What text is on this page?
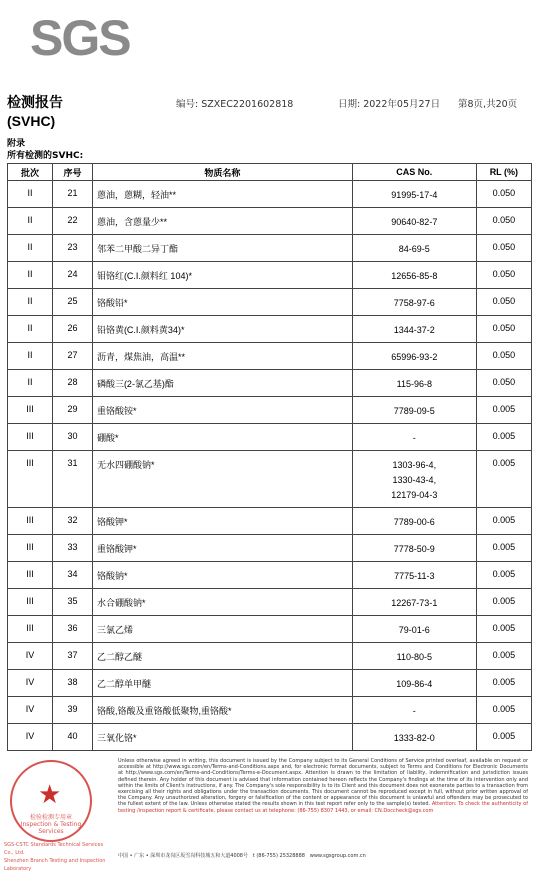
SGS
检测报告
(SVHC)
编号: SZXEC2201602818	日期: 2022年05月27日 第8页,共20页
附录
所有检测的SVHC:
批次	序号	物质名称	CAS No.	RL (%)
II	21	蒽油，蒽糊，轻油**	91995-17-4	0.050
II	22	蒽油，含蒽量少**	90640-82-7	0.050
II	23	邻苯二甲酸二异丁酯	84-69-5	0.050
II	24	钼铬红(C.I.颜料红 104)*	12656-85-8	0.050
II	25	铬酸铅*	7758-97-6	0.050
II	26	铅铬黄(C.I.颜料黄34)*	1344-37-2	0.050
II	27	沥青，煤焦油，高温**	65996-93-2	0.050
II	28	磷酸三(2-氯乙基)酯	115-96-8	0.050
III	29	重铬酸铵*	7789-09-5	0.005
III	30	硼酸*	-	0.005
III	31	无水四硼酸钠*	1303-96-4,
1330-43-4,
12179-04-3	0.005
III	32	铬酸钾*	7789-00-6	0.005
III	33	重铬酸钾*	7778-50-9	0.005
III	34	铬酸钠*	7775-11-3	0.005
III	35	水合硼酸钠*	12267-73-1	0.005
III	36	三氯乙烯	79-01-6	0.005
IV	37	乙二醇乙醚	110-80-5	0.005
IV	38	乙二醇单甲醚	109-86-4	0.005
IV	39	铬酸,铬酸及重铬酸低聚物,重铬酸*	-	0.005
IV	40	三氧化铬*	1333-82-0	0.005
★
检验检测专用章
Inspection & Testing Services
SGS-CSTC Standards Technical Services Co., Ltd.
Shenzhen Branch Testing and Inspection Laboratory
Unless otherwise agreed in writing, this document is issued by the Company subject to its General Conditions of Service printed overleaf, available on request or accessible at http://www.sgs.com/en/Terms-and-Conditions.aspx and, for electronic format documents, subject to Terms and Conditions for Electronic Documents at http://www.sgs.com/en/Terms-and-Conditions/Terms-e-Document.aspx. Attention is drawn to the limitation of liability, indemnification and jurisdiction issues defined therein. Any holder of this document is advised that information contained hereon reflects the Company's findings at the time of its intervention only and within the limits of Client's instructions, if any. The Company's sole responsibility is to its Client and this document does not exonerate parties to a transaction from exercising all their rights and obligations under the transaction documents. This document cannot be reproduced except in full, without prior written approval of the Company. Any unauthorized alteration, forgery or falsification of the content or appearance of this document is unlawful and offenders may be prosecuted to the fullest extent of the law. Unless otherwise stated the results shown in this test report refer only to the sample(s) tested. Attention: To check the authenticity of testing /inspection report & certificate, please contact us at telephone: (86-755) 8307 1443, or email: CN.Doccheck@sgs.com
中国 • 广东 • 深圳市龙岗区坂雪岗科技城五和大道4008号 t (86-755) 25328888 www.sgsgroup.com.cn
